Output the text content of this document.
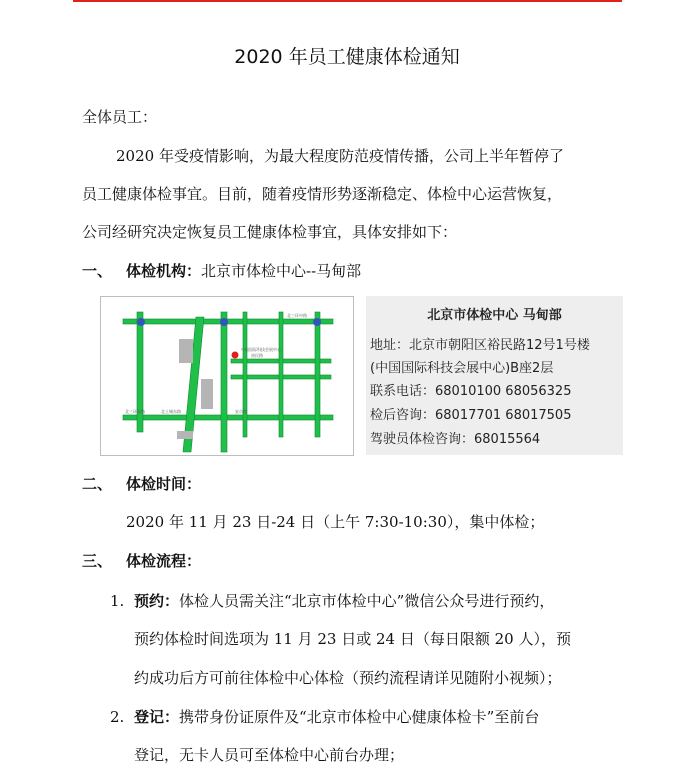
2020 年员工健康体检通知
全体员工：
2020 年受疫情影响，为最大程度防范疫情传播，公司上半年暂停了
员工健康体检事宜。目前，随着疫情形势逐渐稳定、体检中心运营恢复，
公司经研究决定恢复员工健康体检事宜，具体安排如下：
一、 体检机构：北京市体检中心--马甸部
北三环中路
北土城东路
裕民路
安贞路
北三环东路
中国国际科技会展中心
北京市体检中心 马甸部
地址：北京市朝阳区裕民路12号1号楼
(中国国际科技会展中心)B座2层
联系电话：68010100 68056325
检后咨询：68017701 68017505
驾驶员体检咨询：68015564
二、 体检时间：
2020 年 11 月 23 日-24 日（上午 7:30-10:30），集中体检；
三、 体检流程：
1. 预约：体检人员需关注“北京市体检中心”微信公众号进行预约，
预约体检时间选项为 11 月 23 日或 24 日（每日限额 20 人），预
约成功后方可前往体检中心体检（预约流程请详见随附小视频）；
2. 登记：携带身份证原件及“北京市体检中心健康体检卡”至前台
登记，无卡人员可至体检中心前台办理；
